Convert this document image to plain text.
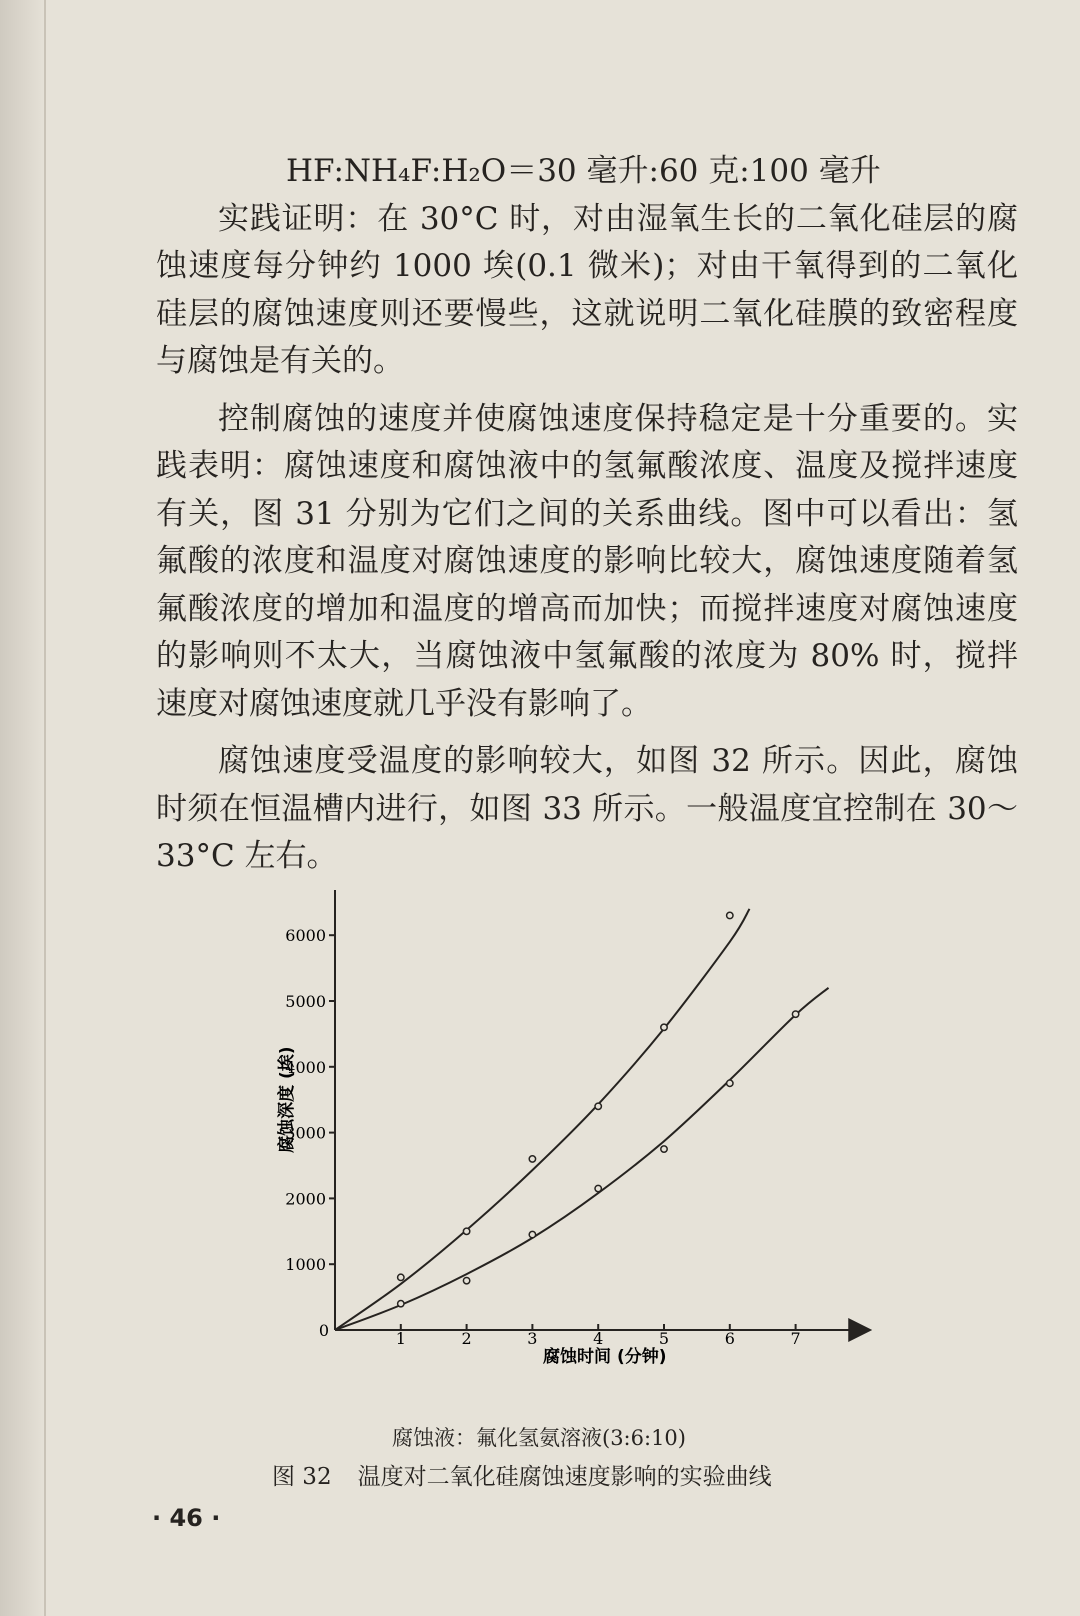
HF:NH₄F:H₂O＝30 毫升:60 克:100 毫升

实践证明：在 30°C 时，对由湿氧生长的二氧化硅层的腐蚀速度每分钟约 1000 埃(0.1 微米)；对由干氧得到的二氧化硅层的腐蚀速度则还要慢些，这就说明二氧化硅膜的致密程度与腐蚀是有关的。

控制腐蚀的速度并使腐蚀速度保持稳定是十分重要的。实践表明：腐蚀速度和腐蚀液中的氢氟酸浓度、温度及搅拌速度有关，图 31 分别为它们之间的关系曲线。图中可以看出：氢氟酸的浓度和温度对腐蚀速度的影响比较大，腐蚀速度随着氢氟酸浓度的增加和温度的增高而加快；而搅拌速度对腐蚀速度的影响则不太大，当腐蚀液中氢氟酸的浓度为 80% 时，搅拌速度对腐蚀速度就几乎没有影响了。

腐蚀速度受温度的影响较大，如图 32 所示。因此，腐蚀时须在恒温槽内进行，如图 33 所示。一般温度宜控制在 30～33°C 左右。

0
腐蚀深度 (埃)
腐蚀时间 (分钟)
1000
2000
3000
4000
5000
6000
1	2	3	4	5	6	7
腐蚀液：氟化氢氨溶液(3:6:10)
图 32 温度对二氧化硅腐蚀速度影响的实验曲线
· 46 ·
